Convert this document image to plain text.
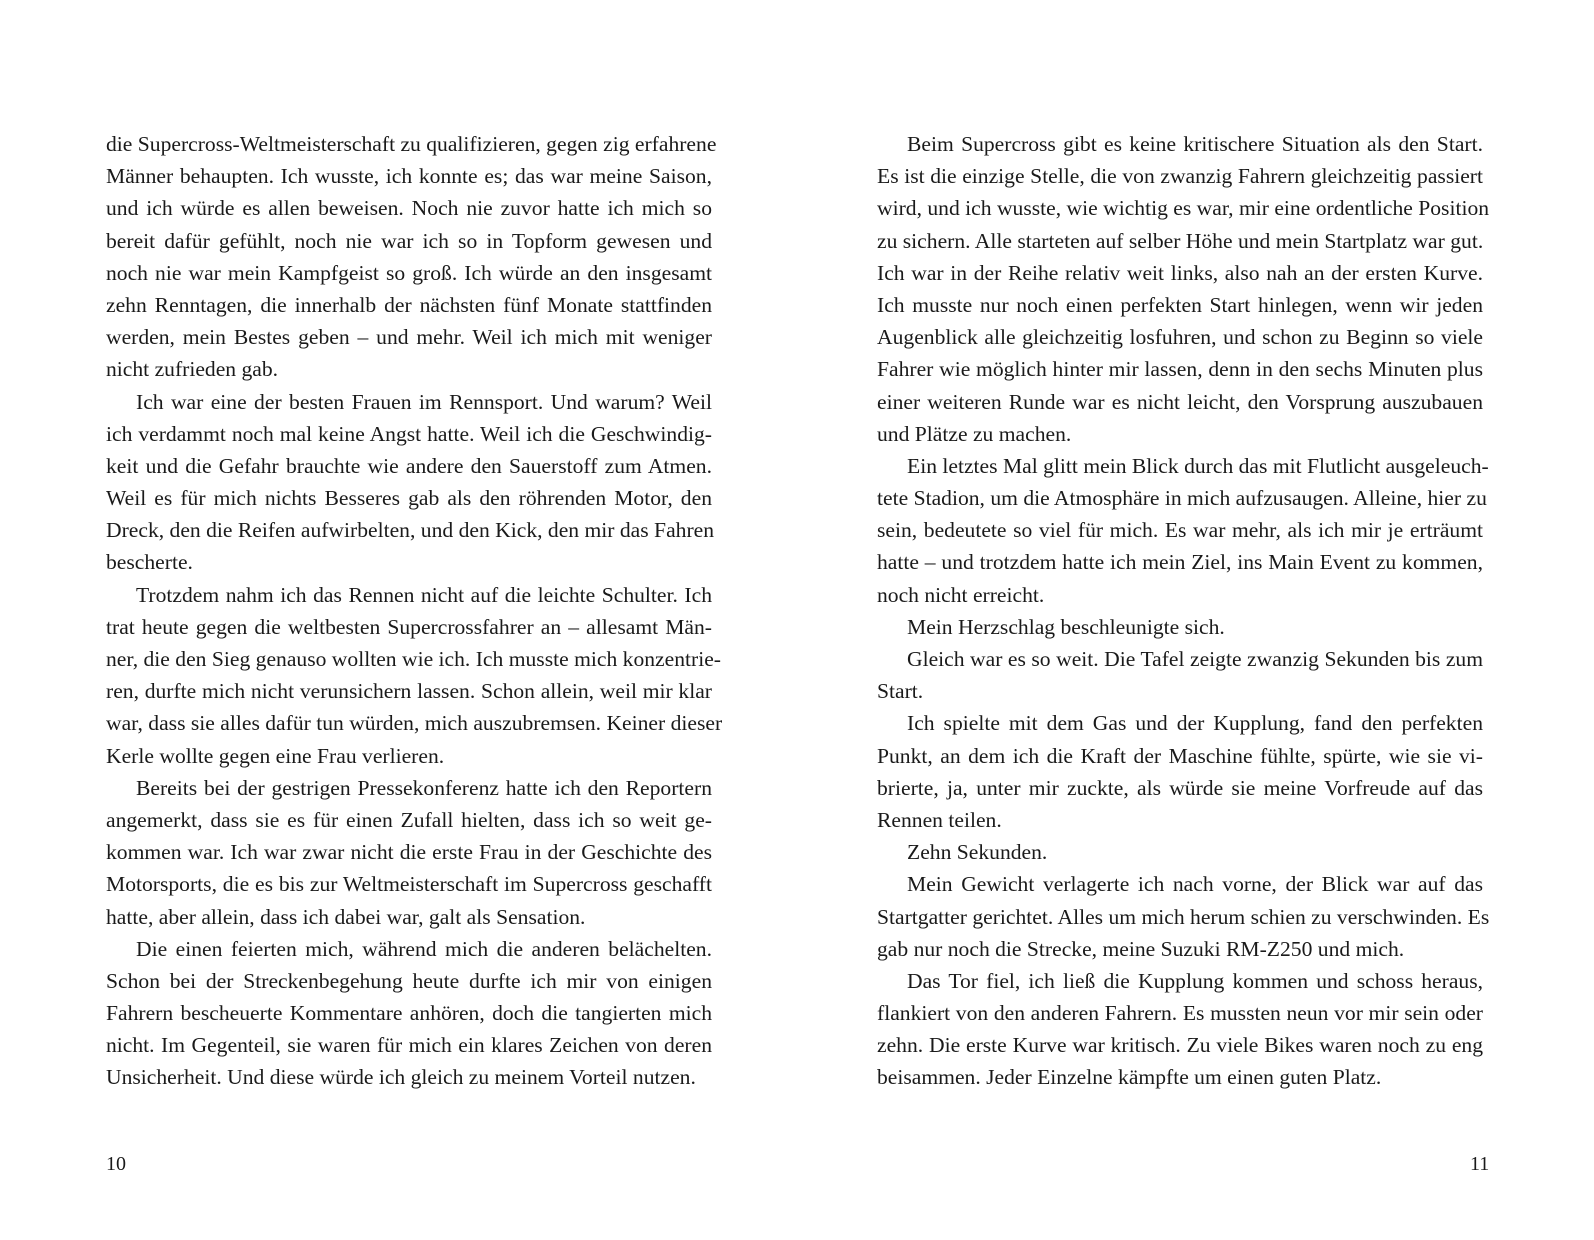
die Supercross-Weltmeisterschaft zu qualifizieren, gegen zig erfahrene
Männer behaupten. Ich wusste, ich konnte es; das war meine Saison,
und ich würde es allen beweisen. Noch nie zuvor hatte ich mich so
bereit dafür gefühlt, noch nie war ich so in Topform gewesen und
noch nie war mein Kampfgeist so groß. Ich würde an den insgesamt
zehn Renntagen, die innerhalb der nächsten fünf Monate stattfinden
werden, mein Bestes geben – und mehr. Weil ich mich mit weniger
nicht zufrieden gab.
Ich war eine der besten Frauen im Rennsport. Und warum? Weil
ich verdammt noch mal keine Angst hatte. Weil ich die Geschwindig-
keit und die Gefahr brauchte wie andere den Sauerstoff zum Atmen.
Weil es für mich nichts Besseres gab als den röhrenden Motor, den
Dreck, den die Reifen aufwirbelten, und den Kick, den mir das Fahren
bescherte.
Trotzdem nahm ich das Rennen nicht auf die leichte Schulter. Ich
trat heute gegen die weltbesten Supercrossfahrer an – allesamt Män-
ner, die den Sieg genauso wollten wie ich. Ich musste mich konzentrie-
ren, durfte mich nicht verunsichern lassen. Schon allein, weil mir klar
war, dass sie alles dafür tun würden, mich auszubremsen. Keiner dieser
Kerle wollte gegen eine Frau verlieren.
Bereits bei der gestrigen Pressekonferenz hatte ich den Reportern
angemerkt, dass sie es für einen Zufall hielten, dass ich so weit ge-
kommen war. Ich war zwar nicht die erste Frau in der Geschichte des
Motorsports, die es bis zur Weltmeisterschaft im Supercross geschafft
hatte, aber allein, dass ich dabei war, galt als Sensation.
Die einen feierten mich, während mich die anderen belächelten.
Schon bei der Streckenbegehung heute durfte ich mir von einigen
Fahrern bescheuerte Kommentare anhören, doch die tangierten mich
nicht. Im Gegenteil, sie waren für mich ein klares Zeichen von deren
Unsicherheit. Und diese würde ich gleich zu meinem Vorteil nutzen.
Beim Supercross gibt es keine kritischere Situation als den Start.
Es ist die einzige Stelle, die von zwanzig Fahrern gleichzeitig passiert
wird, und ich wusste, wie wichtig es war, mir eine ordentliche Position
zu sichern. Alle starteten auf selber Höhe und mein Startplatz war gut.
Ich war in der Reihe relativ weit links, also nah an der ersten Kurve.
Ich musste nur noch einen perfekten Start hinlegen, wenn wir jeden
Augenblick alle gleichzeitig losfuhren, und schon zu Beginn so viele
Fahrer wie möglich hinter mir lassen, denn in den sechs Minuten plus
einer weiteren Runde war es nicht leicht, den Vorsprung auszubauen
und Plätze zu machen.
Ein letztes Mal glitt mein Blick durch das mit Flutlicht ausgeleuch-
tete Stadion, um die Atmosphäre in mich aufzusaugen. Alleine, hier zu
sein, bedeutete so viel für mich. Es war mehr, als ich mir je erträumt
hatte – und trotzdem hatte ich mein Ziel, ins Main Event zu kommen,
noch nicht erreicht.
Mein Herzschlag beschleunigte sich.
Gleich war es so weit. Die Tafel zeigte zwanzig Sekunden bis zum
Start.
Ich spielte mit dem Gas und der Kupplung, fand den perfekten
Punkt, an dem ich die Kraft der Maschine fühlte, spürte, wie sie vi-
brierte, ja, unter mir zuckte, als würde sie meine Vorfreude auf das
Rennen teilen.
Zehn Sekunden.
Mein Gewicht verlagerte ich nach vorne, der Blick war auf das
Startgatter gerichtet. Alles um mich herum schien zu verschwinden. Es
gab nur noch die Strecke, meine Suzuki RM-Z250 und mich.
Das Tor fiel, ich ließ die Kupplung kommen und schoss heraus,
flankiert von den anderen Fahrern. Es mussten neun vor mir sein oder
zehn. Die erste Kurve war kritisch. Zu viele Bikes waren noch zu eng
beisammen. Jeder Einzelne kämpfte um einen guten Platz.
10	11
